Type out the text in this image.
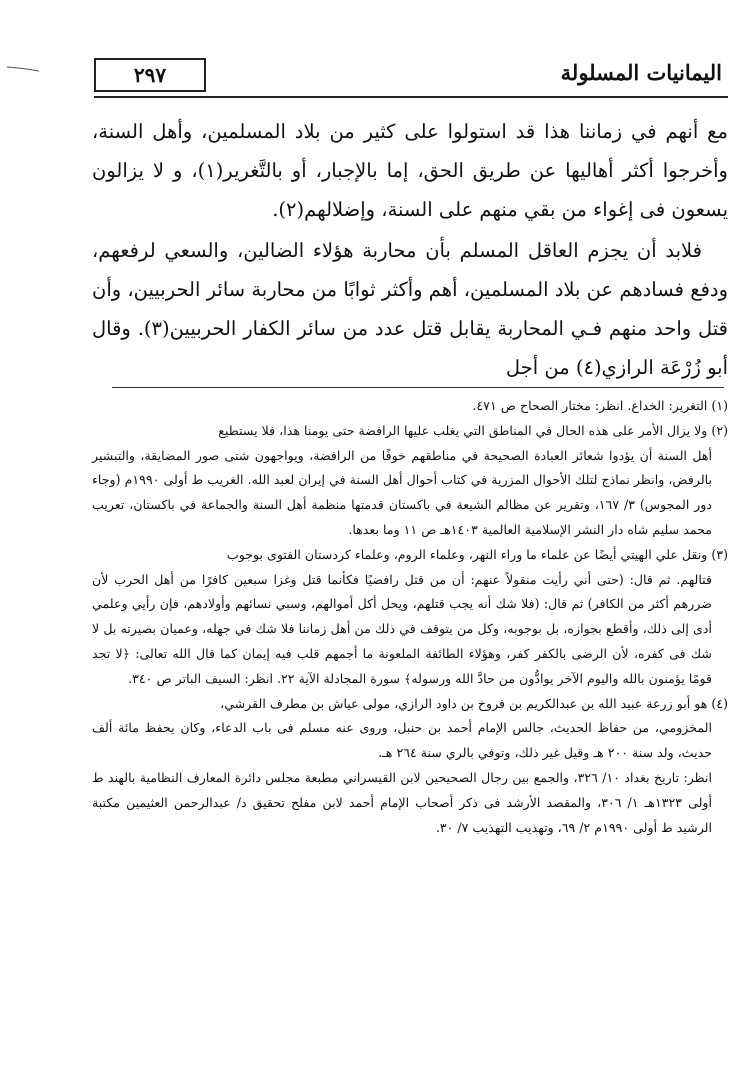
اليمانيات المسلولة
٢٩٧

مع أنهم في زماننا هذا قد استولوا على كثير من بلاد المسلمين، وأهل السنة، وأخرجوا أكثر أهاليها عن طريق الحق، إما بالإجبار، أو بالتَّغرير(١)، و لا يزالون يسعون فى إغواء من بقي منهم على السنة، وإضلالهم(٢).

فلابد أن يجزم العاقل المسلم بأن محاربة هؤلاء الضالين، والسعي لرفعهم، ودفع فسادهم عن بلاد المسلمين، أهم وأكثر ثوابًا من محاربة سائر الحربيين، وأن قتل واحد منهم فـي المحاربة يقابل قتل عدد من سائر الكفار الحربيين(٣). وقال أبو زُرْعَة الرازي(٤) من أجل

(١) التغرير: الخداع. انظر: مختار الصحاح ص ٤٧١.

(٢) ولا يزال الأمر على هذه الحال في المناطق التي يغلب عليها الرافضة حتى يومنا هذا، فلا يستطيع

أهل السنة أن يؤدوا شعائر العبادة الصحيحة في مناطقهم خوفًا من الرافضة، ويواجهون شتى صور المضايقة، والتبشير بالرفض، وانظر نماذج لتلك الأحوال المزرية في كتاب أحوال أهل السنة في إيران لعبد الله. الغريب ط أولى ١٩٩٠م (وجاء دور المجوس) ٣/ ١٦٧، وتقرير عن مظالم الشيعة في باكستان قدمتها منظمة أهل السنة والجماعة في باكستان، تعريب محمد سليم شاه دار النشر الإسلامية العالمية ١٤٠٣هـ ص ١١ وما بعدها.

(٣) ونقل علي الهيتي أيضًا عن علماء ما وراء النهر، وعلماء الروم، وعلماء كردستان الفتوى بوجوب

قتالهم. ثم قال: (حتى أني رأيت منقولاً عنهم: أن من قتل رافضيًا فكأنما قتل وغزا سبعين كافرًا من أهل الحرب لأن ضررهم أكثر من الكافر) ثم قال: (فلا شك أنه يجب قتلهم، ويحل أكل أموالهم، وسبي نسائهم وأولادهم، فإن رأيي وعلمي أدى إلى ذلك، وأقطع بجوازه، بل بوجوبه، وكل من يتوقف في ذلك من أهل زماننا فلا شك في جهله، وعميان بصيرته بل لا شك فى كفره، لأن الرضى بالكفر كفر، وهؤلاء الطائفة الملعونة ما أجمهم قلب فيه إيمان كما قال الله تعالى: ﴿لا تجد قومًا يؤمنون بالله واليوم الآخر يوادُّون من حادَّ الله ورسوله﴾ سورة المجادلة الآية ٢٢. انظر: السيف الباتر ص ٣٤٠.

(٤) هو أبو زرعة عبيد الله بن عبدالكريم بن فروخ بن داود الرازي، مولى عياش بن مطرف القرشي،

المخزومي، من حفاظ الحديث، جالس الإمام أحمد بن حنبل، وروى عنه مسلم فى باب الدعاء، وكان يحفظ مائة ألف حديث، ولد سنة ٢٠٠ هـ وقيل غير ذلك، وتوفي بالري سنة ٢٦٤ هـ.

انظر: تاريخ بغداد ١٠/ ٣٢٦، والجمع بين رجال الصحيحين لابن القيسراني مطبعة مجلس دائرة المعارف النظامية بالهند ط أولى ١٣٢٣هـ ١/ ٣٠٦، والمقصد الأرشد فى ذكر أصحاب الإمام أحمد لابن مفلح تحقيق د/ عبدالرحمن العثيمين مكتبة الرشيد ط أولى ١٩٩٠م ٢/ ٦٩، وتهذيب التهذيب ٧/ ٣٠.
